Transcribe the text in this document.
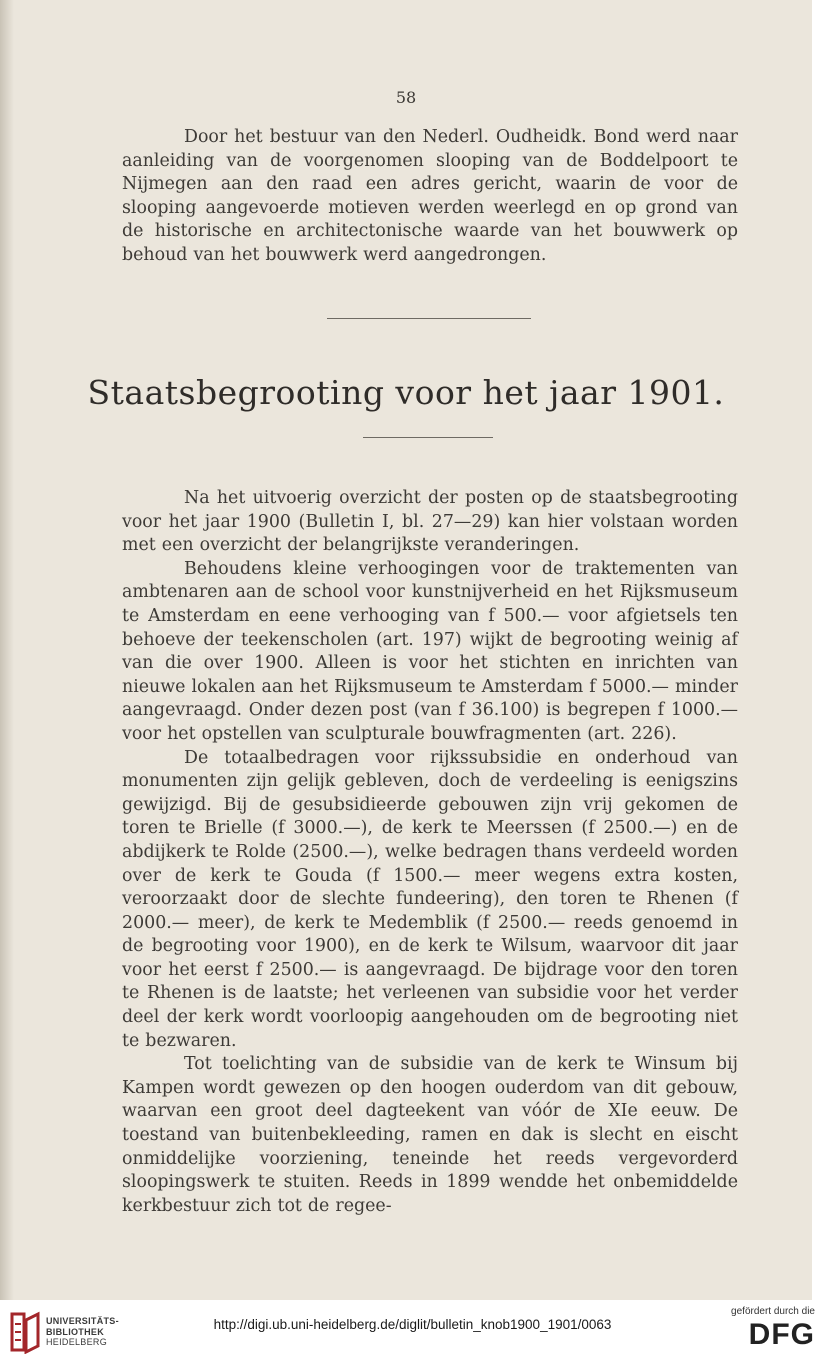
58

Door het bestuur van den Nederl. Oudheidk. Bond werd naar aanleiding van de voorgenomen slooping van de Boddelpoort te Nijmegen aan den raad een adres gericht, waarin de voor de slooping aangevoerde motieven werden weerlegd en op grond van de historische en architectonische waarde van het bouwwerk op behoud van het bouwwerk werd aangedrongen.

Staatsbegrooting voor het jaar 1901.

Na het uitvoerig overzicht der posten op de staatsbegrooting voor het jaar 1900 (Bulletin I, bl. 27—29) kan hier volstaan worden met een overzicht der belangrijkste veranderingen.

Behoudens kleine verhoogingen voor de traktementen van ambtenaren aan de school voor kunstnijverheid en het Rijksmuseum te Amsterdam en eene verhooging van f 500.— voor afgietsels ten behoeve der teekenscholen (art. 197) wijkt de begrooting weinig af van die over 1900. Alleen is voor het stichten en inrichten van nieuwe lokalen aan het Rijksmuseum te Amsterdam f 5000.— minder aangevraagd. Onder dezen post (van f 36.100) is begrepen f 1000.— voor het opstellen van sculpturale bouwfragmenten (art. 226).

De totaalbedragen voor rijkssubsidie en onderhoud van monumenten zijn gelijk gebleven, doch de verdeeling is eenigszins gewijzigd. Bij de gesubsidieerde gebouwen zijn vrij gekomen de toren te Brielle (f 3000.—), de kerk te Meerssen (f 2500.—) en de abdijkerk te Rolde (2500.—), welke bedragen thans verdeeld worden over de kerk te Gouda (f 1500.— meer wegens extra kosten, veroorzaakt door de slechte fundeering), den toren te Rhenen (f 2000.— meer), de kerk te Medemblik (f 2500.— reeds genoemd in de begrooting voor 1900), en de kerk te Wilsum, waarvoor dit jaar voor het eerst f 2500.— is aangevraagd. De bijdrage voor den toren te Rhenen is de laatste; het verleenen van subsidie voor het verder deel der kerk wordt voorloopig aangehouden om de begrooting niet te bezwaren.

Tot toelichting van de subsidie van de kerk te Winsum bij Kampen wordt gewezen op den hoogen ouderdom van dit gebouw, waarvan een groot deel dagteekent van vóór de XIe eeuw. De toestand van buitenbekleeding, ramen en dak is slecht en eischt onmiddelijke voorziening, teneinde het reeds vergevorderd sloopingswerk te stuiten. Reeds in 1899 wendde het onbemiddelde kerkbestuur zich tot de regee-

UNIVERSITÄTS-
BIBLIOTHEK
HEIDELBERG
http://digi.ub.uni-heidelberg.de/diglit/bulletin_knob1900_1901/0063
gefördert durch die
DFG
